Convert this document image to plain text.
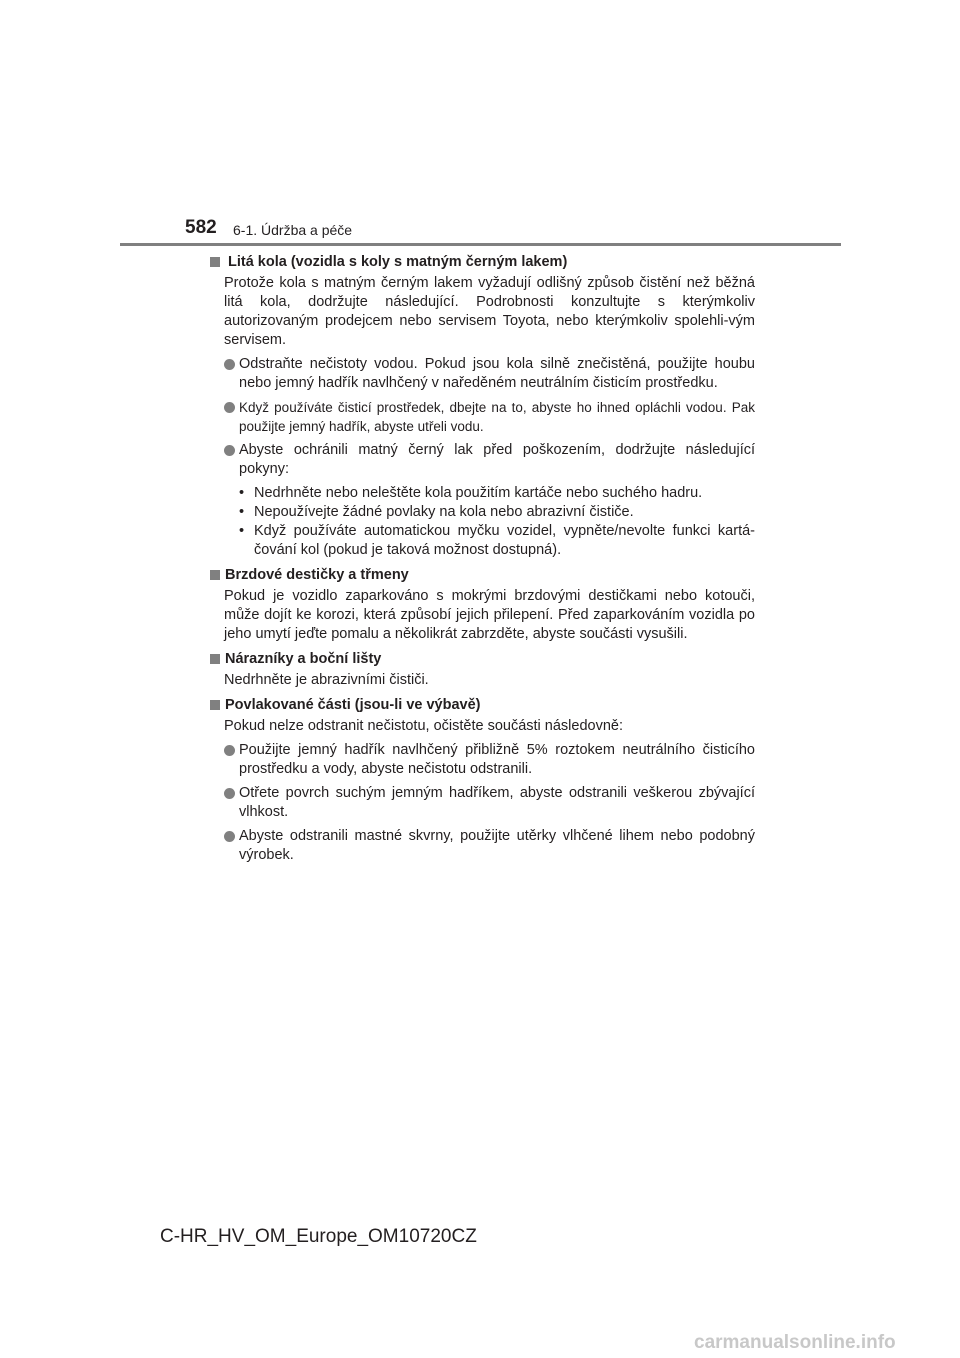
582 6-1. Údržba a péče

Litá kola (vozidla s koly s matným černým lakem)

Protože kola s matným černým lakem vyžadují odlišný způsob čistění než běžná litá kola, dodržujte následující. Podrobnosti konzultujte s kterýmkoliv autorizovaným prodejcem nebo servisem Toyota, nebo kterýmkoliv spolehli-vým servisem.

Odstraňte nečistoty vodou. Pokud jsou kola silně znečistěná, použijte houbu nebo jemný hadřík navlhčený v naředěném neutrálním čisticím prostředku.
Když používáte čisticí prostředek, dbejte na to, abyste ho ihned opláchli vodou. Pak použijte jemný hadřík, abyste utřeli vodu.
Abyste ochránili matný černý lak před poškozením, dodržujte následující pokyny:
• Nedrhněte nebo neleštěte kola použitím kartáče nebo suchého hadru.
• Nepoužívejte žádné povlaky na kola nebo abrazivní čističe.
• Když používáte automatickou myčku vozidel, vypněte/nevolte funkci kartá-čování kol (pokud je taková možnost dostupná).

Brzdové destičky a třmeny

Pokud je vozidlo zaparkováno s mokrými brzdovými destičkami nebo kotouči, může dojít ke korozi, která způsobí jejich přilepení. Před zaparkováním vozidla po jeho umytí jeďte pomalu a několikrát zabrzděte, abyste součásti vysušili.

Nárazníky a boční lišty

Nedrhněte je abrazivními čističi.

Povlakované části (jsou-li ve výbavě)

Pokud nelze odstranit nečistotu, očistěte součásti následovně:

Použijte jemný hadřík navlhčený přibližně 5% roztokem neutrálního čisticího prostředku a vody, abyste nečistotu odstranili.
Otřete povrch suchým jemným hadříkem, abyste odstranili veškerou zbývající vlhkost.
Abyste odstranili mastné skvrny, použijte utěrky vlhčené lihem nebo podobný výrobek.
C-HR_HV_OM_Europe_OM10720CZ
carmanualsonline.info
